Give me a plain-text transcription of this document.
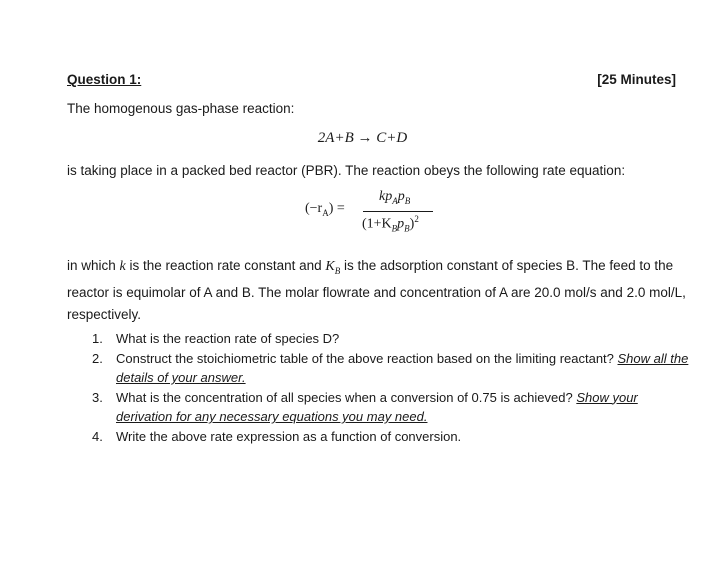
Question 1:	[25 Minutes]
The homogenous gas-phase reaction:
2A+B → C+D
is taking place in a packed bed reactor (PBR). The reaction obeys the following rate equation:
$(-r_A)$ =
$kp_Ap_B$
$(1+K_Bp_B)^2$
in which k is the reaction rate constant and $K_B$ is the adsorption constant of species B. The feed to the reactor is equimolar of A and B. The molar flowrate and concentration of A are 20.0 mol/s and 2.0 mol/L, respectively.
1. What is the reaction rate of species D?
2. Construct the stoichiometric table of the above reaction based on the limiting reactant? Show all the details of your answer.
3. What is the concentration of all species when a conversion of 0.75 is achieved? Show your derivation for any necessary equations you may need.
4. Write the above rate expression as a function of conversion.
